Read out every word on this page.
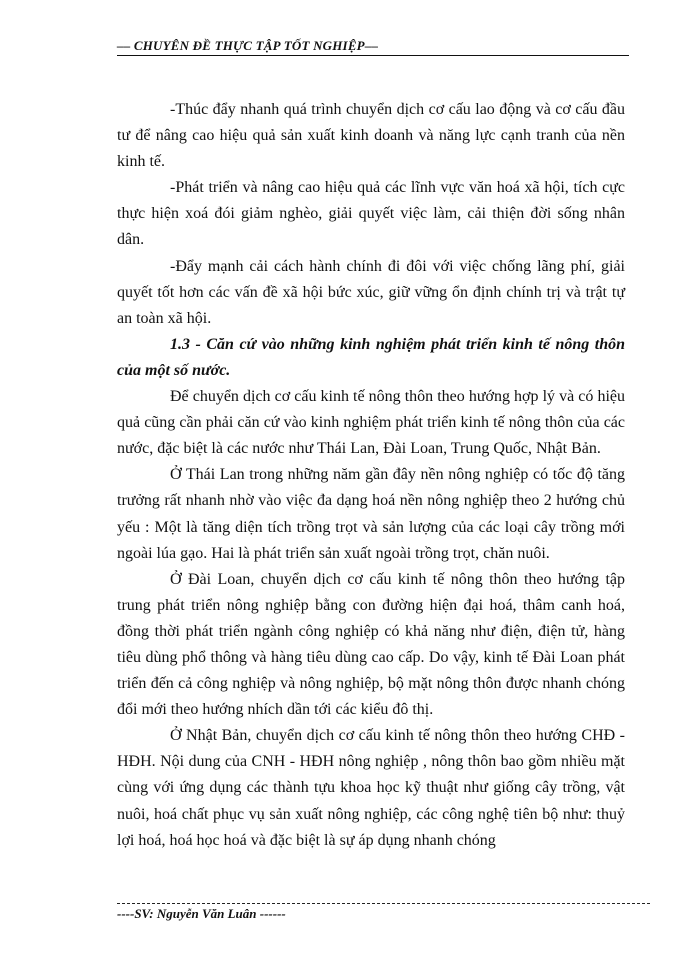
–– CHUYÊN ĐỀ THỰC TẬP TỐT NGHIỆP––

-Thúc đẩy nhanh quá trình chuyển dịch cơ cấu lao động và cơ cấu đầu tư để nâng cao hiệu quả sản xuất kinh doanh và năng lực cạnh tranh của nền kinh tế.

-Phát triển và nâng cao hiệu quả các lĩnh vực văn hoá xã hội, tích cực thực hiện xoá đói giảm nghèo, giải quyết việc làm, cải thiện đời sống nhân dân.

-Đẩy mạnh cải cách hành chính đi đôi với việc chống lãng phí, giải quyết tốt hơn các vấn đề xã hội bức xúc, giữ vững ổn định chính trị và trật tự an toàn xã hội.

1.3 - Căn cứ vào những kinh nghiệm phát triển kinh tế nông thôn của một số nước.

Để chuyển dịch cơ cấu kinh tế nông thôn theo hướng hợp lý và có hiệu quả cũng cần phải căn cứ vào kinh nghiệm phát triển kinh tế nông thôn của các nước, đặc biệt là các nước như Thái Lan, Đài Loan, Trung Quốc, Nhật Bản.

Ở Thái Lan trong những năm gần đây nền nông nghiệp có tốc độ tăng trưởng rất nhanh nhờ vào việc đa dạng hoá nền nông nghiệp theo 2 hướng chủ yếu : Một là tăng diện tích trồng trọt và sản lượng của các loại cây trồng mới ngoài lúa gạo. Hai là phát triển sản xuất ngoài trồng trọt, chăn nuôi.

Ở Đài Loan, chuyển dịch cơ cấu kinh tế nông thôn theo hướng tập trung phát triển nông nghiệp bằng con đường hiện đại hoá, thâm canh hoá, đồng thời phát triển ngành công nghiệp có khả năng như điện, điện tử, hàng tiêu dùng phổ thông và hàng tiêu dùng cao cấp. Do vậy, kinh tế Đài Loan phát triển đến cả công nghiệp và nông nghiệp, bộ mặt nông thôn được nhanh chóng đổi mới theo hướng nhích dần tới các kiểu đô thị.

Ở Nhật Bản, chuyển dịch cơ cấu kinh tế nông thôn theo hướng CHĐ - HĐH. Nội dung của CNH - HĐH nông nghiệp , nông thôn bao gồm nhiều mặt cùng với ứng dụng các thành tựu khoa học kỹ thuật như giống cây trồng, vật nuôi, hoá chất phục vụ sản xuất nông nghiệp, các công nghệ tiên bộ như: thuỷ lợi hoá, hoá học hoá và đặc biệt là sự áp dụng nhanh chóng

----SV: Nguyễn Văn Luân ------
